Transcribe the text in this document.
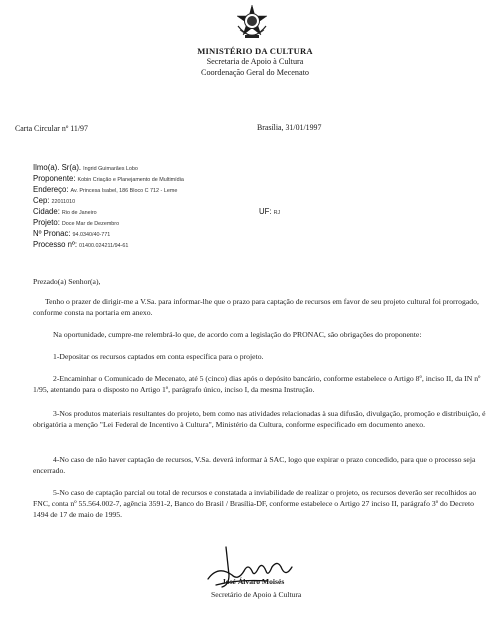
MINISTÉRIO DA CULTURA
Secretaria de Apoio à Cultura
Coordenação Geral do Mecenato
Carta Circular nº 11/97	Brasília, 31/01/1997
Ilmo(a). Sr(a). Ingrid Guimarães Lobo
Proponente: Kobin Criação e Planejamento de Multimídia
Endereço: Av. Princesa Isabel, 186 Bloco C 712 - Leme
Cep: 22011010
Cidade: Rio de Janeiro	UF: RJ
Projeto: Doce Mar de Dezembro
Nº Pronac: 94.0340/40-771
Processo nº: 01400.024211/94-61
Prezado(a) Senhor(a),
Tenho o prazer de dirigir-me a V.Sa. para informar-lhe que o prazo para captação de recursos em favor de seu projeto cultural foi prorrogado, conforme consta na portaria em anexo.
Na oportunidade, cumpre-me relembrá-lo que, de acordo com a legislação do PRONAC, são obrigações do proponente:
1-Depositar os recursos captados em conta específica para o projeto.
2-Encaminhar o Comunicado de Mecenato, até 5 (cinco) dias após o depósito bancário, conforme estabelece o Artigo 8º, inciso II, da IN nº 1/95, atentando para o disposto no Artigo 1º, parágrafo único, inciso I, da mesma Instrução.
3-Nos produtos materiais resultantes do projeto, bem como nas atividades relacionadas à sua difusão, divulgação, promoção e distribuição, é obrigatória a menção "Lei Federal de Incentivo à Cultura", Ministério da Cultura, conforme especificado em documento anexo.
4-No caso de não haver captação de recursos, V.Sa. deverá informar à SAC, logo que expirar o prazo concedido, para que o processo seja encerrado.
5-No caso de captação parcial ou total de recursos e constatada a inviabilidade de realizar o projeto, os recursos deverão ser recolhidos ao FNC, conta nº 55.564.002-7, agência 3591-2, Banco do Brasil / Brasília-DF, conforme estabelece o Artigo 27 inciso II, parágrafo 3º do Decreto 1494 de 17 de maio de 1995.
José Álvaro Moisés
Secretário de Apoio à Cultura
